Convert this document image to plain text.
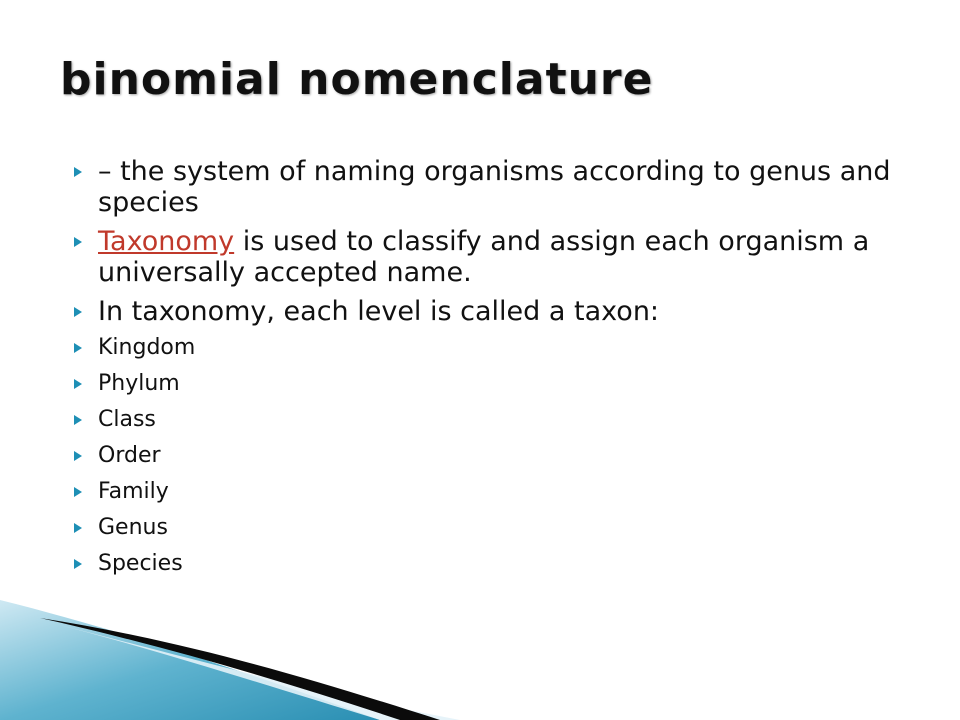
binomial nomenclature
– the system of naming organisms according to genus and species
Taxonomy is used to classify and assign each organism a universally accepted name.
In taxonomy, each level is called a taxon:
Kingdom
Phylum
Class
Order
Family
Genus
Species
